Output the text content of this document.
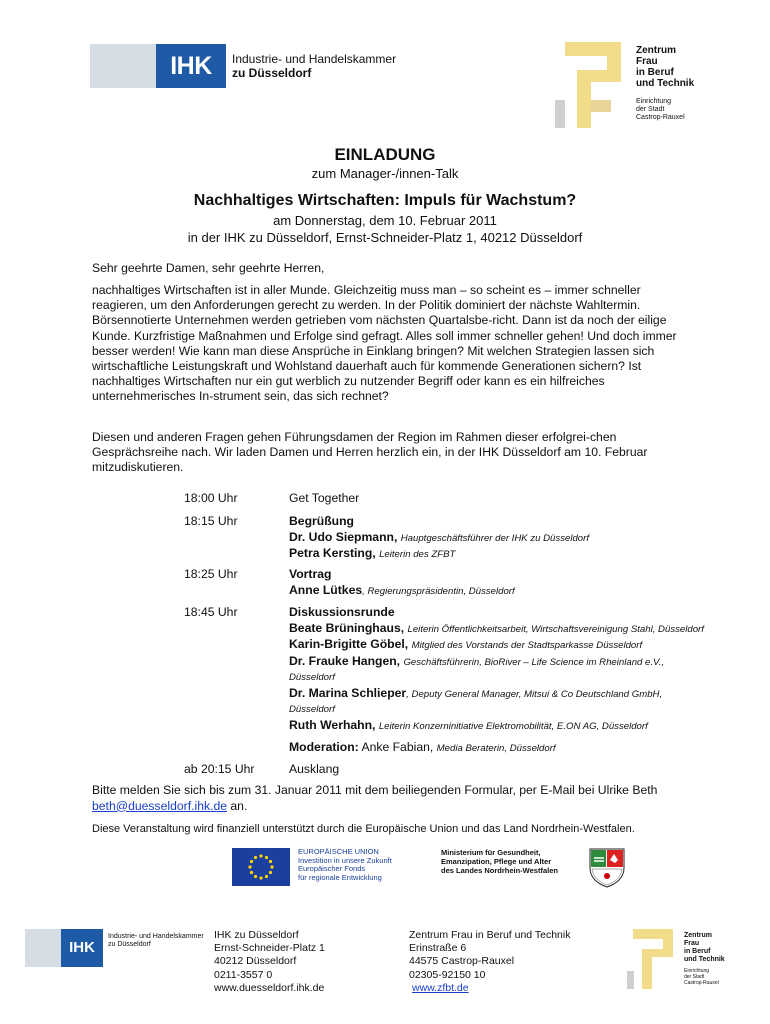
IHK	Industrie- und Handelskammer
zu Düsseldorf
Zentrum
Frau
in Beruf
und Technik
Einrichtung
der Stadt
Castrop-Rauxel
EINLADUNG
zum Manager-/innen-Talk
Nachhaltiges Wirtschaften: Impuls für Wachstum?
am Donnerstag, dem 10. Februar 2011
in der IHK zu Düsseldorf, Ernst-Schneider-Platz 1, 40212 Düsseldorf
Sehr geehrte Damen, sehr geehrte Herren,
nachhaltiges Wirtschaften ist in aller Munde. Gleichzeitig muss man – so scheint es – immer schneller reagieren, um den Anforderungen gerecht zu werden. In der Politik dominiert der nächste Wahltermin. Börsennotierte Unternehmen werden getrieben vom nächsten Quartalsbe-richt. Dann ist da noch der eilige Kunde. Kurzfristige Maßnahmen und Erfolge sind gefragt. Alles soll immer schneller gehen! Und doch immer besser werden! Wie kann man diese Ansprüche in Einklang bringen? Mit welchen Strategien lassen sich wirtschaftliche Leistungskraft und Wohlstand dauerhaft auch für kommende Generationen sichern? Ist nachhaltiges Wirtschaften nur ein gut werblich zu nutzender Begriff oder kann es ein hilfreiches unternehmerisches In-strument sein, das sich rechnet?
Diesen und anderen Fragen gehen Führungsdamen der Region im Rahmen dieser erfolgrei-chen Gesprächsreihe nach. Wir laden Damen und Herren herzlich ein, in der IHK Düsseldorf am 10. Februar mitzudiskutieren.
18:00 Uhr	Get Together
18:15 Uhr	Begrüßung
Dr. Udo Siepmann, Hauptgeschäftsführer der IHK zu Düsseldorf
Petra Kersting, Leiterin des ZFBT
18:25 Uhr	Vortrag
Anne Lütkes, Regierungspräsidentin, Düsseldorf
18:45 Uhr	Diskussionsrunde
Beate Brüninghaus, Leiterin Öffentlichkeitsarbeit, Wirtschaftsvereinigung Stahl, Düsseldorf
Karin-Brigitte Göbel, Mitglied des Vorstands der Stadtsparkasse Düsseldorf
Dr. Frauke Hangen, Geschäftsführerin, BioRiver – Life Science im Rheinland e.V.,
Düsseldorf
Dr. Marina Schlieper, Deputy General Manager, Mitsui & Co Deutschland GmbH,
Düsseldorf
Ruth Werhahn, Leiterin Konzerninitiative Elektromobilität, E.ON AG, Düsseldorf
Moderation: Anke Fabian, Media Beraterin, Düsseldorf
ab 20:15 Uhr	Ausklang
Bitte melden Sie sich bis zum 31. Januar 2011 mit dem beiliegenden Formular, per E-Mail bei Ulrike Beth beth@duesseldorf.ihk.de an.
Diese Veranstaltung wird finanziell unterstützt durch die Europäische Union und das Land Nordrhein-Westfalen.
EUROPÄISCHE UNION
Investition in unsere Zukunft
Europäischer Fonds
für regionale Entwicklung
Ministerium für Gesundheit,
Emanzipation, Pflege und Alter
des Landes Nordrhein-Westfalen
IHK
Industrie- und Handelskammer
zu Düsseldorf
IHK zu Düsseldorf
Ernst-Schneider-Platz 1
40212 Düsseldorf
0211-3557 0
www.duesseldorf.ihk.de
Zentrum Frau in Beruf und Technik
Erinstraße 6
44575 Castrop-Rauxel
02305-92150 10
www.zfbt.de
Zentrum
Frau
in Beruf
und Technik
Einrichtung
der Stadt
Castrop-Rauxel
